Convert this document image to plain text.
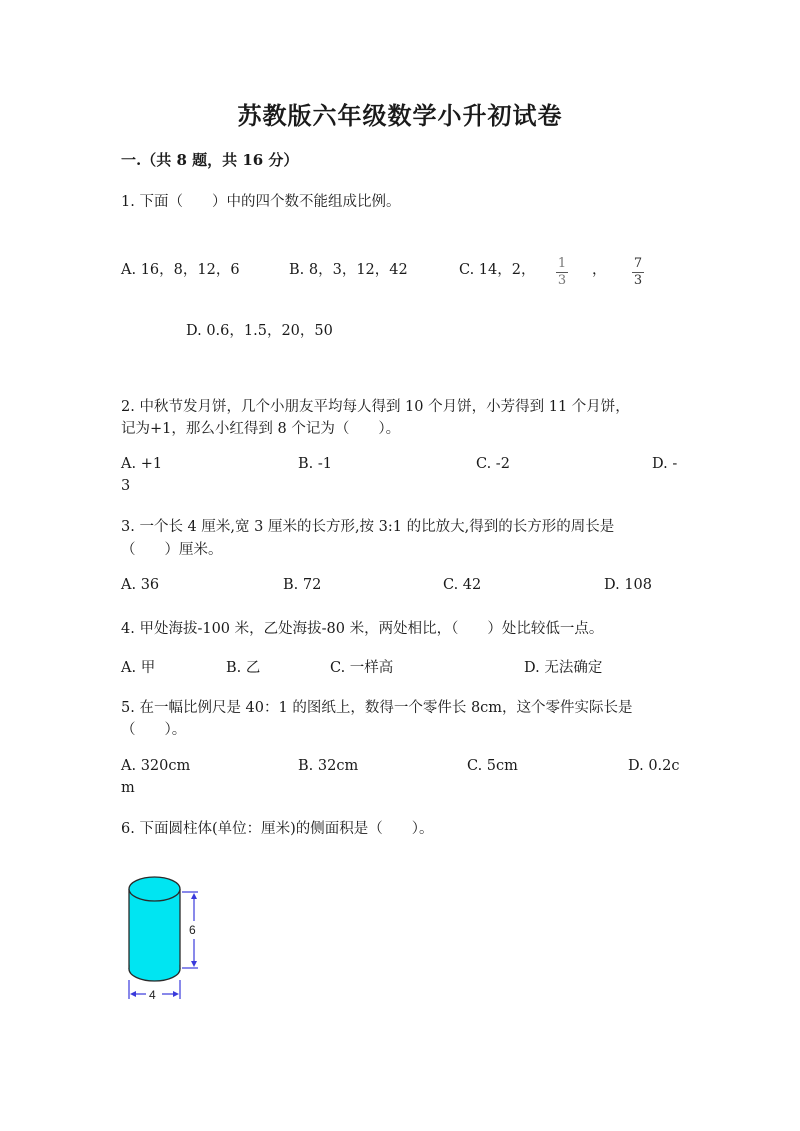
苏教版六年级数学小升初试卷
一.（共 8 题，共 16 分）
1. 下面（　　）中的四个数不能组成比例。
A. 16，8，12，6	B. 8，3，12，42	C. 14，2， $\frac{1}{3}$ ， $\frac{7}{3}$
D. 0.6，1.5，20，50
2. 中秋节发月饼，几个小朋友平均每人得到 10 个月饼，小芳得到 11 个月饼，
记为+1，那么小红得到 8 个记为（　　）。
A. +1	B. -1	C. -2	D. -
3
3. 一个长 4 厘米,宽 3 厘米的长方形,按 3:1 的比放大,得到的长方形的周长是
（　　）厘米。
A. 36	B. 72	C. 42	D. 108
4. 甲处海拔-100 米，乙处海拔-80 米，两处相比，（　　）处比较低一点。
A. 甲	B. 乙	C. 一样高	D. 无法确定
5. 在一幅比例尺是 40：1 的图纸上，数得一个零件长 8cm，这个零件实际长是
（　　）。
A. 320cm	B. 32cm	C. 5cm	D. 0.2c
m
6. 下面圆柱体(单位：厘米)的侧面积是（　　）。
6
4
